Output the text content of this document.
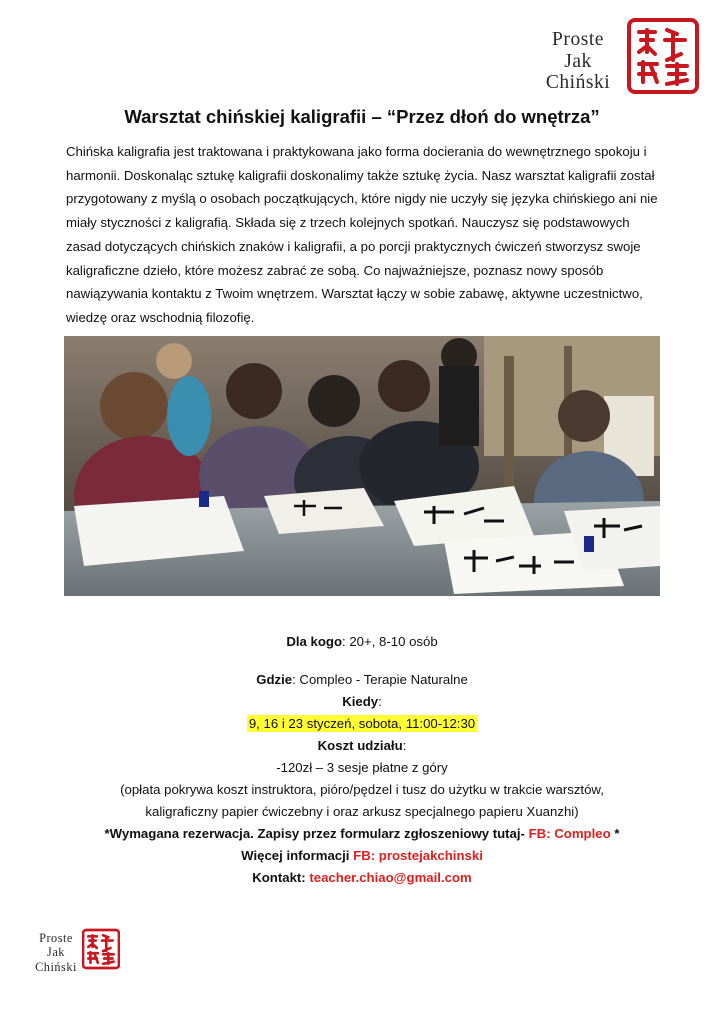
Proste
Jak
Chiński
Warsztat chińskiej kaligrafii – “Przez dłoń do wnętrza”

Chińska kaligrafia jest traktowana i praktykowana jako forma docierania do wewnętrznego spokoju i harmonii. Doskonaląc sztukę kaligrafii doskonalimy także sztukę życia. Nasz warsztat kaligrafii został przygotowany z myślą o osobach początkujących, które nigdy nie uczyły się języka chińskiego ani nie miały styczności z kaligrafią. Składa się z trzech kolejnych spotkań. Nauczysz się podstawowych zasad dotyczących chińskich znaków i kaligrafii, a po porcji praktycznych ćwiczeń stworzysz swoje kaligraficzne dzieło, które możesz zabrać ze sobą. Co najważniejsze, poznasz nowy sposób nawiązywania kontaktu z Twoim wnętrzem. Warsztat łączy w sobie zabawę, aktywne uczestnictwo, wiedzę oraz wschodnią filozofię.

Dla kogo: 20+, 8-10 osób
Gdzie: Compleo - Terapie Naturalne
Kiedy:
9, 16 i 23 styczeń, sobota, 11:00-12:30
Koszt udziału:
-120zł – 3 sesje płatne z góry
(opłata pokrywa koszt instruktora, pióro/pędzel i tusz do użytku w trakcie warsztów,
kaligraficzny papier ćwiczebny i oraz arkusz specjalnego papieru Xuanzhi)
*Wymagana rezerwacja. Zapisy przez formularz zgłoszeniowy tutaj- FB: Compleo *
Więcej informacji FB: prostejakchinski
Kontakt: teacher.chiao@gmail.com
Proste
Jak
Chiński
